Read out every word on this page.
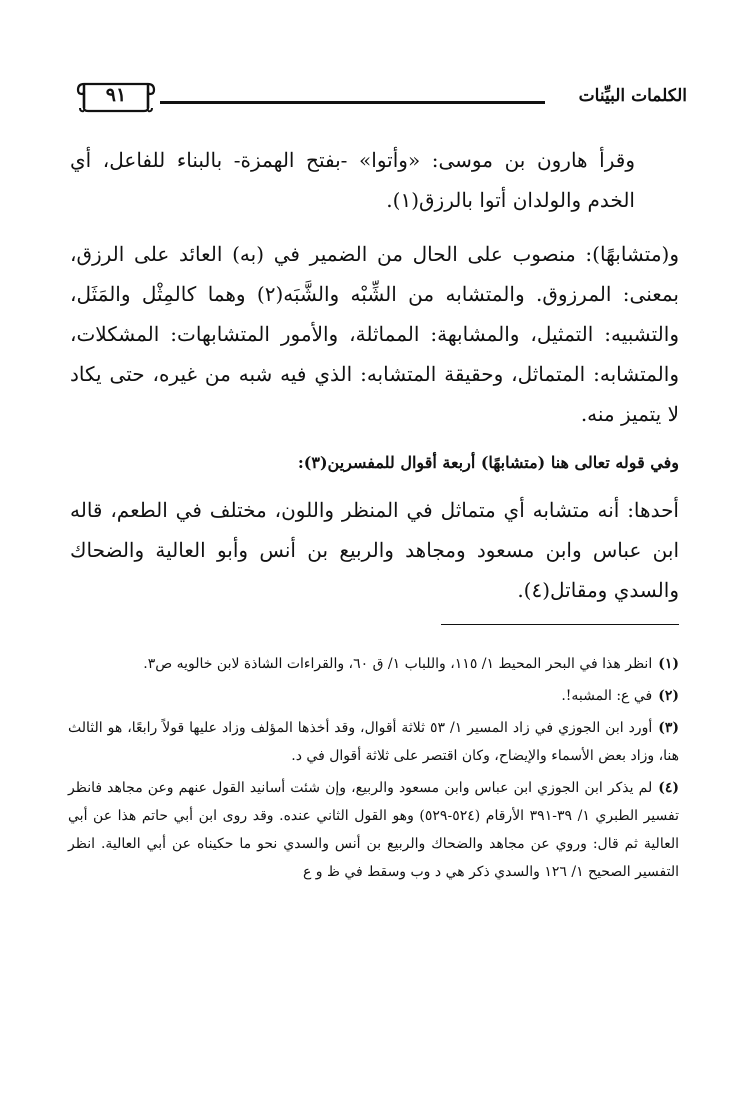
الكلمات البيِّنات
٩١

وقرأ هارون بن موسى: «وأتوا» -بفتح الهمزة- بالبناء للفاعل، أي الخدم والولدان أتوا بالرزق(١).

و(متشابهًا): منصوب على الحال من الضمير في (به) العائد على الرزق، بمعنى: المرزوق. والمتشابه من الشِّبْه والشَّبَه(٢) وهما كالمِثْل والمَثَل، والتشبيه: التمثيل، والمشابهة: المماثلة، والأمور المتشابهات: المشكلات، والمتشابه: المتماثل، وحقيقة المتشابه: الذي فيه شبه من غيره، حتى يكاد لا يتميز منه.

وفي قوله تعالى هنا (متشابهًا) أربعة أقوال للمفسرين(٣):

أحدها: أنه متشابه أي متماثل في المنظر واللون، مختلف في الطعم، قاله ابن عباس وابن مسعود ومجاهد والربيع بن أنس وأبو العالية والضحاك والسدي ومقاتل(٤).

(١)انظر هذا في البحر المحيط ١/ ١١٥، واللباب ١/ ق ٦٠، والقراءات الشاذة لابن خالويه ص٣.

(٢)في ع: المشبه!.

(٣)أورد ابن الجوزي في زاد المسير ١/ ٥٣ ثلاثة أقوال، وقد أخذها المؤلف وزاد عليها قولاً رابعًا، هو الثالث هنا، وزاد بعض الأسماء والإيضاح، وكان اقتصر على ثلاثة أقوال في د.

(٤)لم يذكر ابن الجوزي ابن عباس وابن مسعود والربيع، وإن شئت أسانيد القول عنهم وعن مجاهد فانظر تفسير الطبري ١/ ٣٩-٣٩١ الأرقام (٥٢٤-٥٢٩) وهو القول الثاني عنده. وقد روى ابن أبي حاتم هذا عن أبي العالية ثم قال: وروي عن مجاهد والضحاك والربيع بن أنس والسدي نحو ما حكيناه عن أبي العالية. انظر التفسير الصحيح ١/ ١٢٦ والسدي ذكر هي د وب وسقط في ظ و ع
